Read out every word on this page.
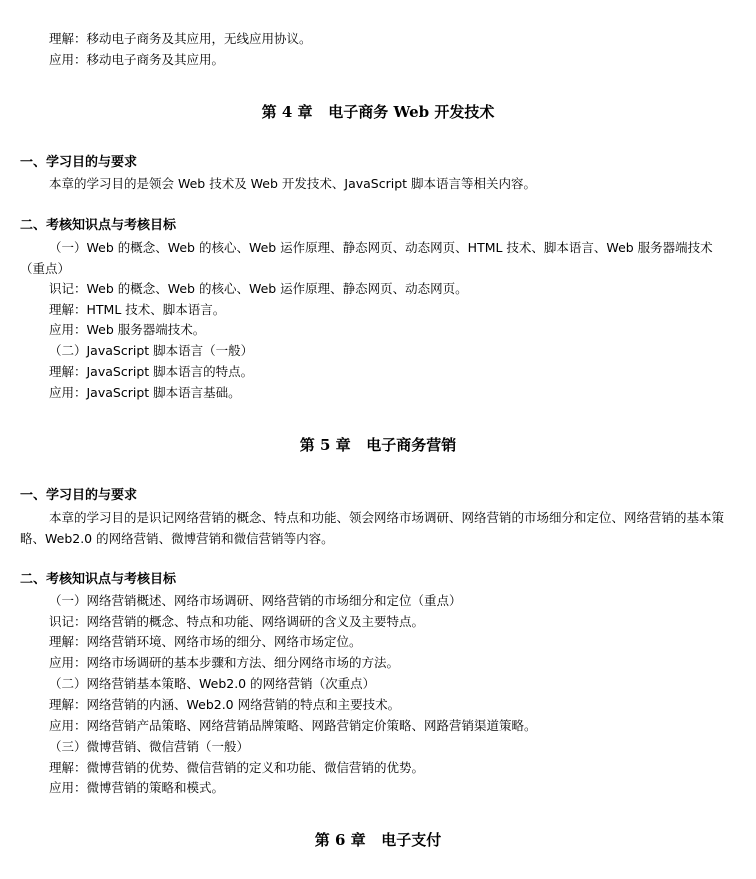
理解：移动电子商务及其应用，无线应用协议。
应用：移动电子商务及其应用。
第 4 章   电子商务 Web 开发技术
一、学习目的与要求
本章的学习目的是领会 Web 技术及 Web 开发技术、JavaScript 脚本语言等相关内容。
二、考核知识点与考核目标
（一）Web 的概念、Web 的核心、Web 运作原理、静态网页、动态网页、HTML 技术、脚本语言、Web 服务器端技术（重点）
识记：Web 的概念、Web 的核心、Web 运作原理、静态网页、动态网页。
理解：HTML 技术、脚本语言。
应用：Web 服务器端技术。
（二）JavaScript 脚本语言（一般）
理解：JavaScript 脚本语言的特点。
应用：JavaScript 脚本语言基础。
第 5 章   电子商务营销
一、学习目的与要求
本章的学习目的是识记网络营销的概念、特点和功能、领会网络市场调研、网络营销的市场细分和定位、网络营销的基本策略、Web2.0 的网络营销、微博营销和微信营销等内容。
二、考核知识点与考核目标
（一）网络营销概述、网络市场调研、网络营销的市场细分和定位（重点）
识记：网络营销的概念、特点和功能、网络调研的含义及主要特点。
理解：网络营销环境、网络市场的细分、网络市场定位。
应用：网络市场调研的基本步骤和方法、细分网络市场的方法。
（二）网络营销基本策略、Web2.0 的网络营销（次重点）
理解：网络营销的内涵、Web2.0 网络营销的特点和主要技术。
应用：网络营销产品策略、网络营销品牌策略、网路营销定价策略、网路营销渠道策略。
（三）微博营销、微信营销（一般）
理解：微博营销的优势、微信营销的定义和功能、微信营销的优势。
应用：微博营销的策略和模式。
第 6 章   电子支付
